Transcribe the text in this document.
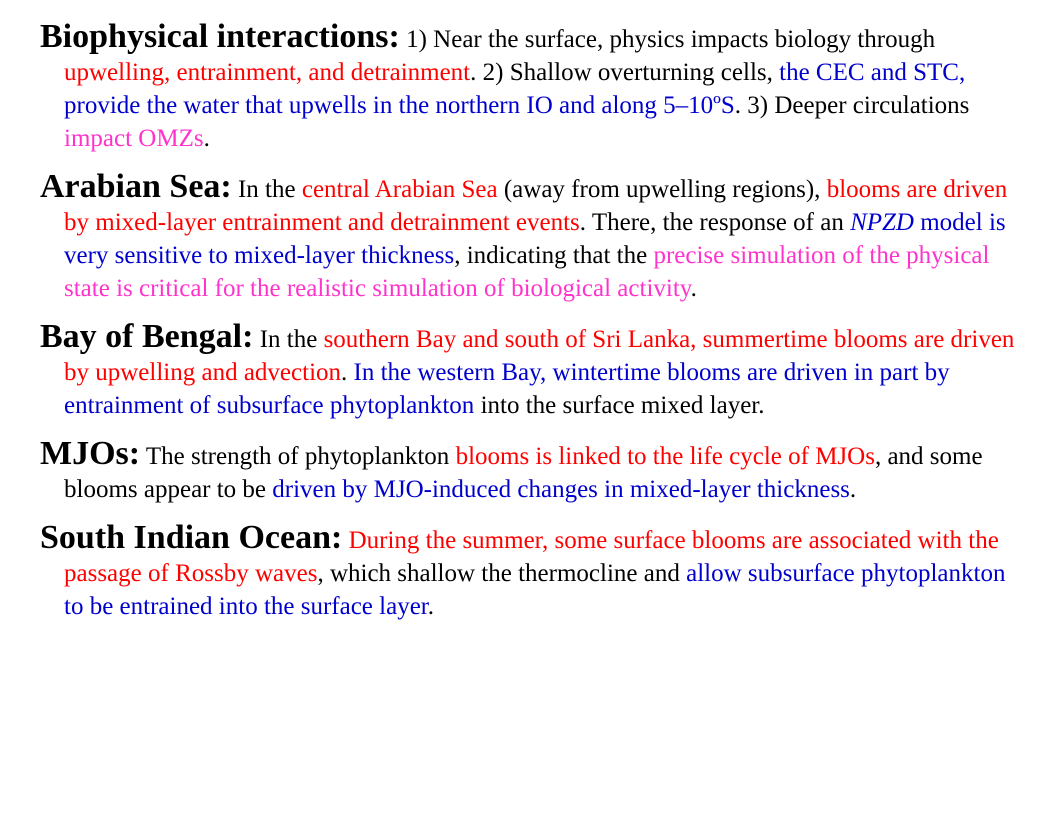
Biophysical interactions: 1) Near the surface, physics impacts biology through upwelling, entrainment, and detrainment. 2) Shallow overturning cells, the CEC and STC, provide the water that upwells in the northern IO and along 5–10ºS. 3) Deeper circulations impact OMZs.

Arabian Sea: In the central Arabian Sea (away from upwelling regions), blooms are driven by mixed-layer entrainment and detrainment events. There, the response of an NPZD model is very sensitive to mixed-layer thickness, indicating that the precise simulation of the physical state is critical for the realistic simulation of biological activity.

Bay of Bengal: In the southern Bay and south of Sri Lanka, summertime blooms are driven by upwelling and advection. In the western Bay, wintertime blooms are driven in part by entrainment of subsurface phytoplankton into the surface mixed layer.

MJOs: The strength of phytoplankton blooms is linked to the life cycle of MJOs, and some blooms appear to be driven by MJO-induced changes in mixed-layer thickness.

South Indian Ocean: During the summer, some surface blooms are associated with the passage of Rossby waves, which shallow the thermocline and allow subsurface phytoplankton to be entrained into the surface layer.
